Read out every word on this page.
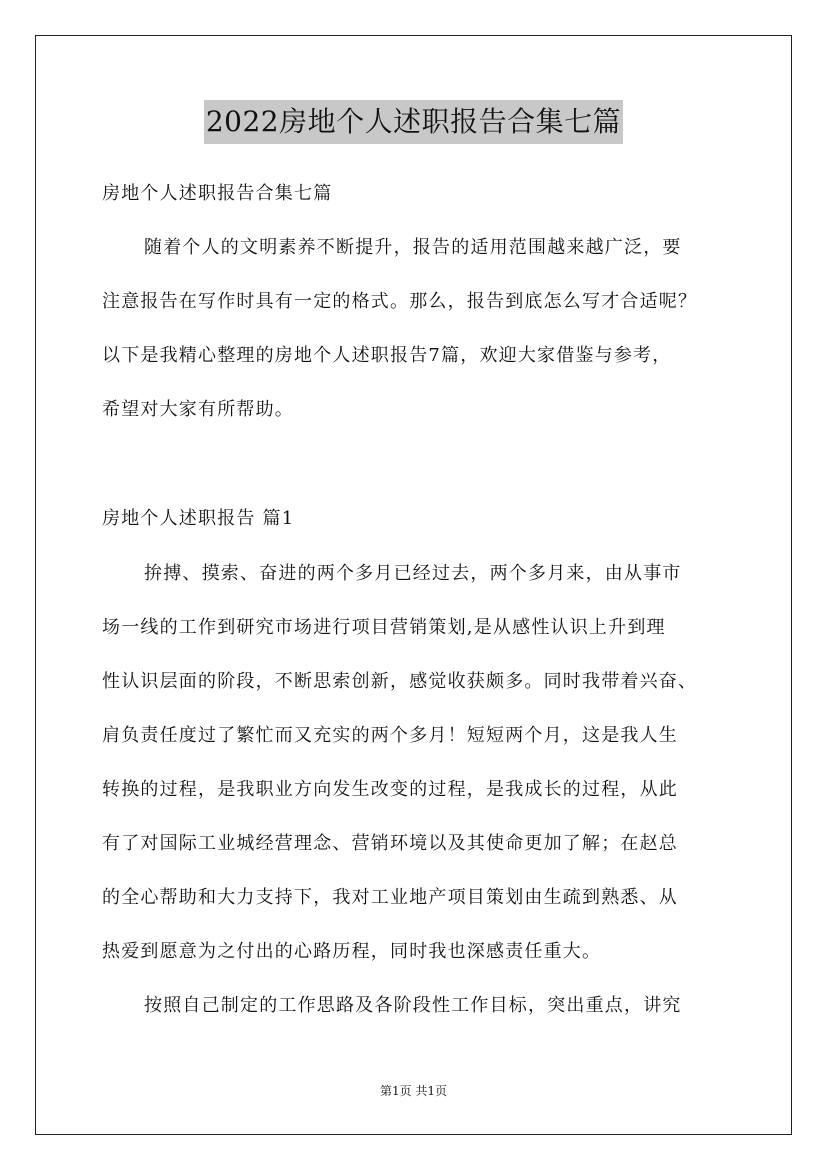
2022房地个人述职报告合集七篇
房地个人述职报告合集七篇
随着个人的文明素养不断提升，报告的适用范围越来越广泛，要
注意报告在写作时具有一定的格式。那么，报告到底怎么写才合适呢？
以下是我精心整理的房地个人述职报告7篇，欢迎大家借鉴与参考，
希望对大家有所帮助。
房地个人述职报告 篇1
拚搏、摸索、奋进的两个多月已经过去，两个多月来，由从事市
场一线的工作到研究市场进行项目营销策划,是从感性认识上升到理
性认识层面的阶段，不断思索创新，感觉收获颇多。同时我带着兴奋、
肩负责任度过了繁忙而又充实的两个多月！短短两个月，这是我人生
转换的过程，是我职业方向发生改变的过程，是我成长的过程，从此
有了对国际工业城经营理念、营销环境以及其使命更加了解；在赵总
的全心帮助和大力支持下，我对工业地产项目策划由生疏到熟悉、从
热爱到愿意为之付出的心路历程，同时我也深感责任重大。
按照自己制定的工作思路及各阶段性工作目标，突出重点，讲究
第1页 共1页
